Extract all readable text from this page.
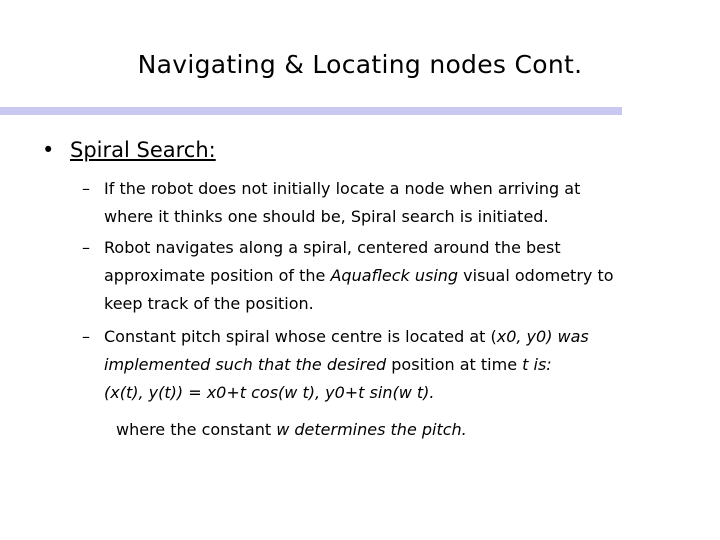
Navigating & Locating nodes Cont.
• Spiral Search:
– If the robot does not initially locate a node when arriving at
where it thinks one should be, Spiral search is initiated.
– Robot navigates along a spiral, centered around the best
approximate position of the Aquafleck using visual odometry to
keep track of the position.
– Constant pitch spiral whose centre is located at (x0, y0) was
implemented such that the desired position at time t is:
(x(t), y(t)) = x0+t cos(w t), y0+t sin(w t).
where the constant w determines the pitch.
